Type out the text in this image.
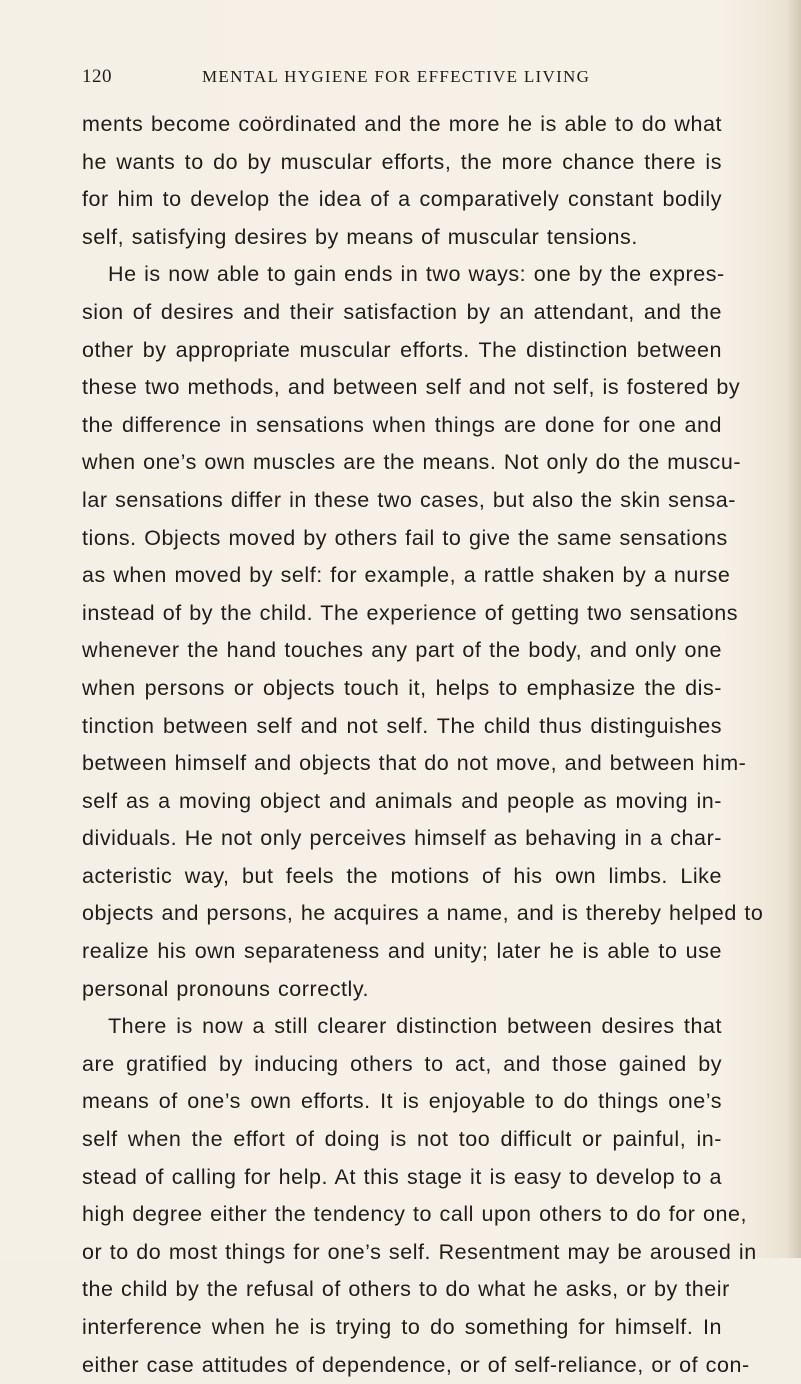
120	MENTAL HYGIENE FOR EFFECTIVE LIVING
ments become coördinated and the more he is able to do what
he wants to do by muscular efforts, the more chance there is
for him to develop the idea of a comparatively constant bodily
self, satisfying desires by means of muscular tensions.
He is now able to gain ends in two ways: one by the expres-
sion of desires and their satisfaction by an attendant, and the
other by appropriate muscular efforts. The distinction between
these two methods, and between self and not self, is fostered by
the difference in sensations when things are done for one and
when one’s own muscles are the means. Not only do the muscu-
lar sensations differ in these two cases, but also the skin sensa-
tions. Objects moved by others fail to give the same sensations
as when moved by self: for example, a rattle shaken by a nurse
instead of by the child. The experience of getting two sensations
whenever the hand touches any part of the body, and only one
when persons or objects touch it, helps to emphasize the dis-
tinction between self and not self. The child thus distinguishes
between himself and objects that do not move, and between him-
self as a moving object and animals and people as moving in-
dividuals. He not only perceives himself as behaving in a char-
acteristic way, but feels the motions of his own limbs. Like
objects and persons, he acquires a name, and is thereby helped to
realize his own separateness and unity; later he is able to use
personal pronouns correctly.
There is now a still clearer distinction between desires that
are gratified by inducing others to act, and those gained by
means of one’s own efforts. It is enjoyable to do things one’s
self when the effort of doing is not too difficult or painful, in-
stead of calling for help. At this stage it is easy to develop to a
high degree either the tendency to call upon others to do for one,
or to do most things for one’s self. Resentment may be aroused in
the child by the refusal of others to do what he asks, or by their
interference when he is trying to do something for himself. In
either case attitudes of dependence, or of self-reliance, or of con-
